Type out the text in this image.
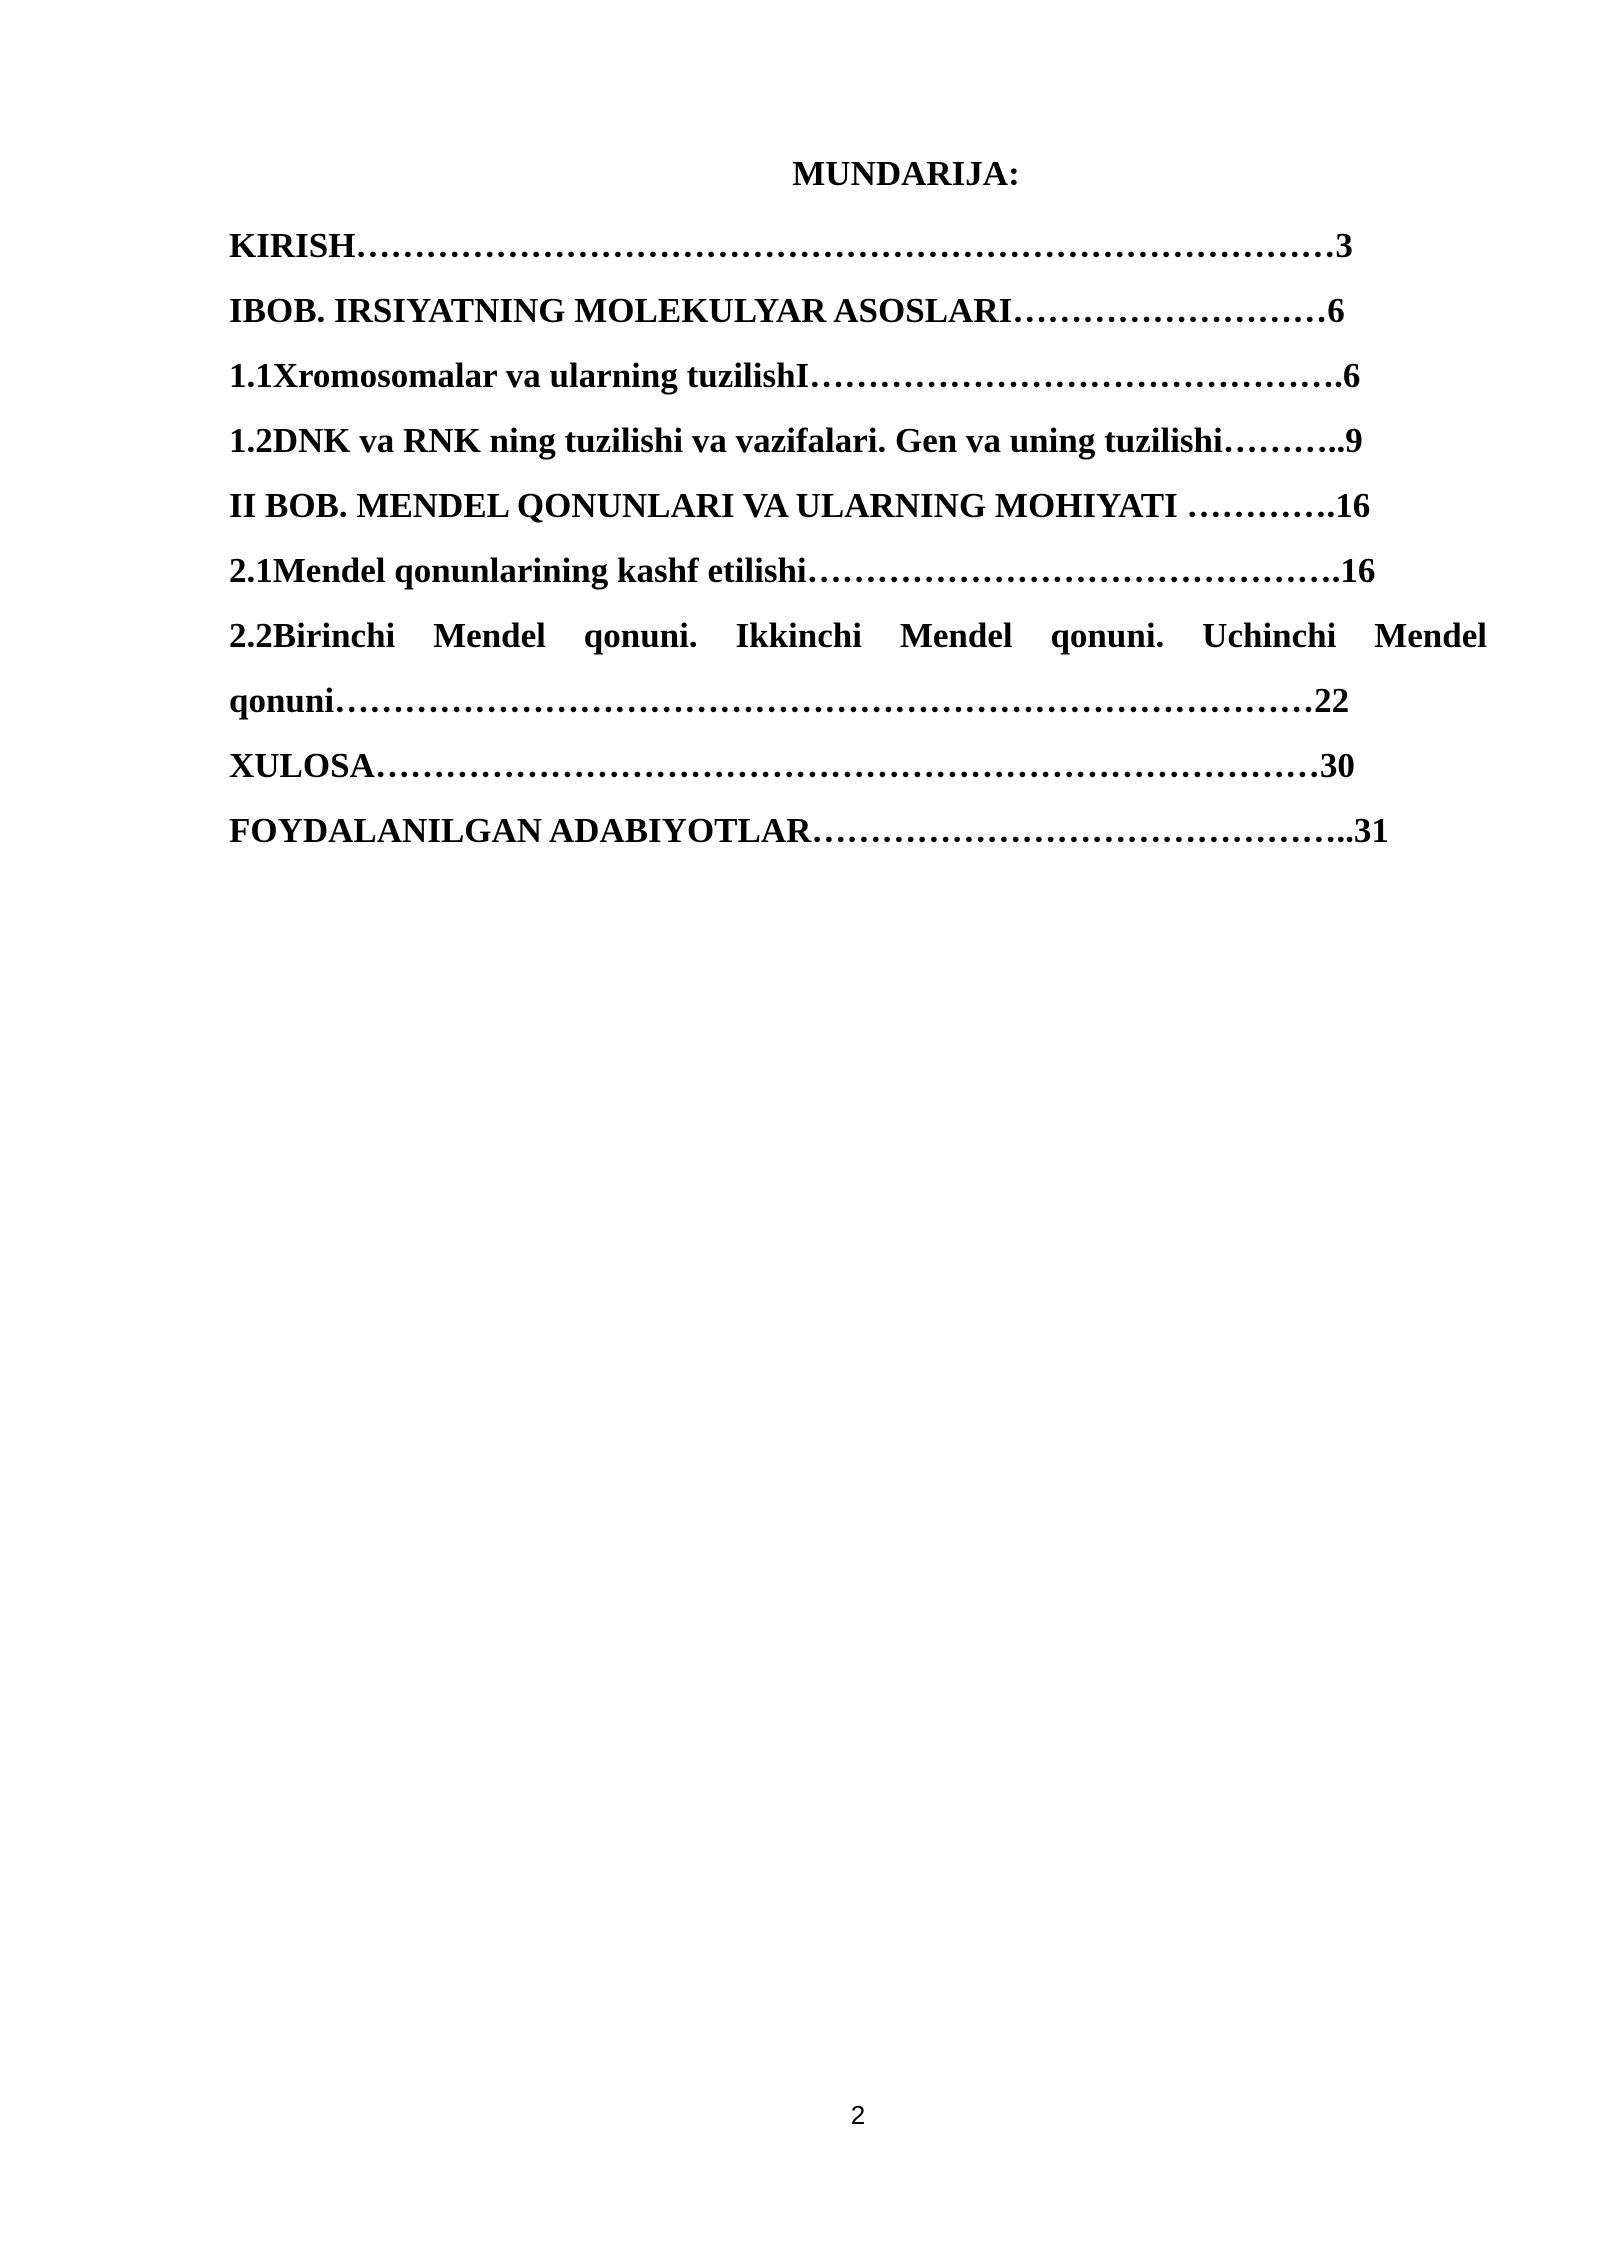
MUNDARIJA:
KIRISH…………………………………………………………………………3
IBOB. IRSIYATNING MOLEKULYAR ASOSLARI………………………6
1.1Xromosomalar va ularning tuzilishI……………………………………….6
1.2DNK va RNK ning tuzilishi va vazifalari. Gen va uning tuzilishi………..9
II BOB. MENDEL QONUNLARI VA ULARNING MOHIYATI ………….16
2.1Mendel qonunlarining kashf etilishi……………………………………….16
2.2Birinchi Mendel qonuni. Ikkinchi Mendel qonuni. Uchinchi Mendel
qonuni…………………………………………………………………………22
XULOSA………………………………………………………………………30
FOYDALANILGAN ADABIYOTLAR………………………………………..31
2
